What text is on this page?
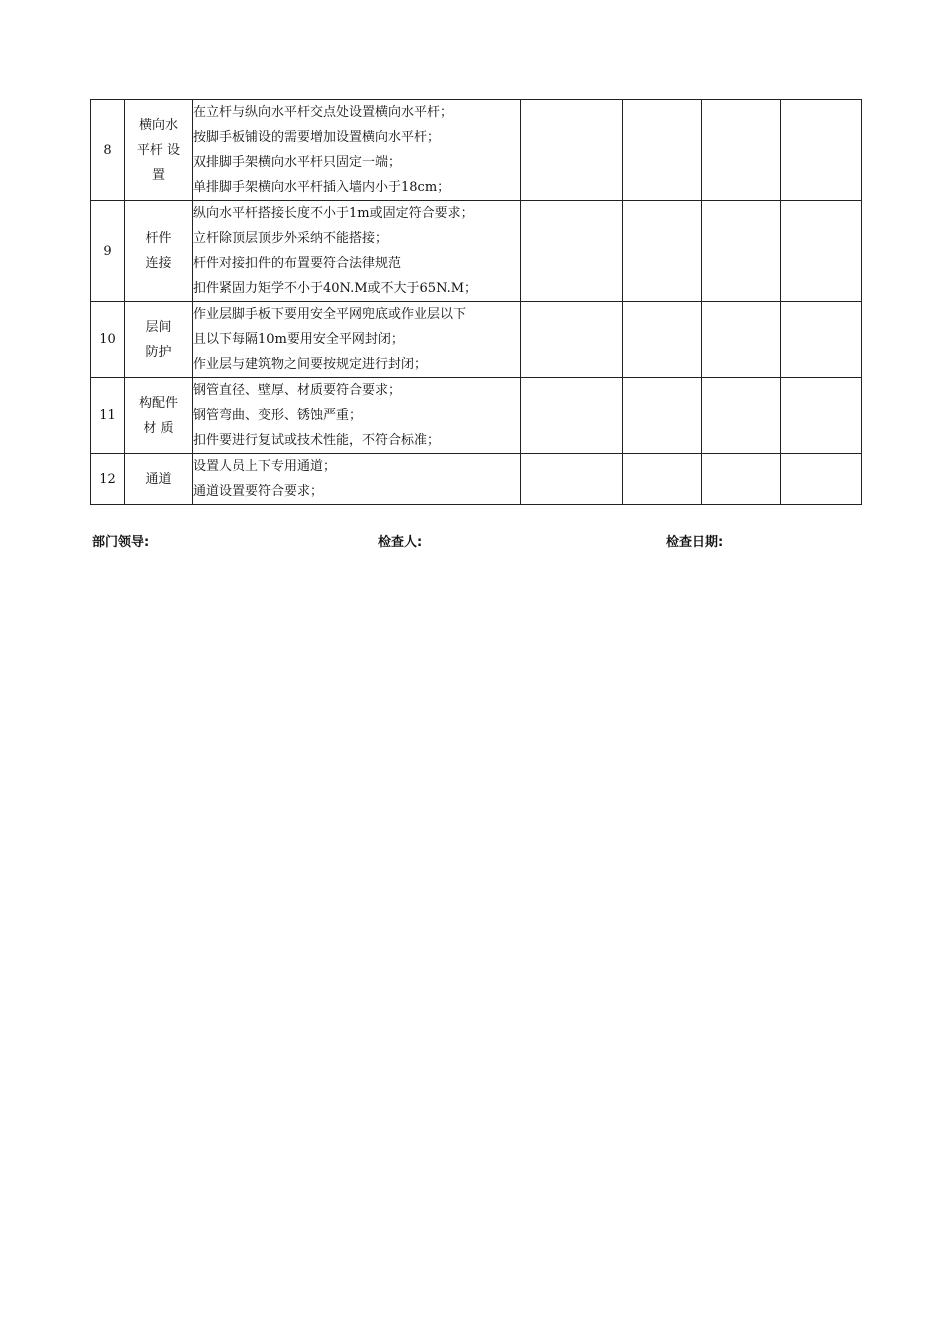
8	横向水
平杆 设
置	在立杆与纵向水平杆交点处设置横向水平杆；
按脚手板铺设的需要增加设置横向水平杆；
双排脚手架横向水平杆只固定一端；
单排脚手架横向水平杆插入墙内小于18cm；				

9	杆件
连接	纵向水平杆搭接长度不小于1m或固定符合要求；
立杆除顶层顶步外采纳不能搭接；
杆件对接扣件的布置要符合法律规范
扣件紧固力矩学不小于40N.M或不大于65N.M；				

10	层间
防护	作业层脚手板下要用安全平网兜底或作业层以下
且以下每隔10m要用安全平网封闭；
作业层与建筑物之间要按规定进行封闭；				

11	构配件
材 质	钢管直径、壁厚、材质要符合要求；
钢管弯曲、变形、锈蚀严重；
扣件要进行复试或技术性能，不符合标准；				

12	通道	设置人员上下专用通道；
通道设置要符合要求；				

部门领导:	检查人:	检查日期:
